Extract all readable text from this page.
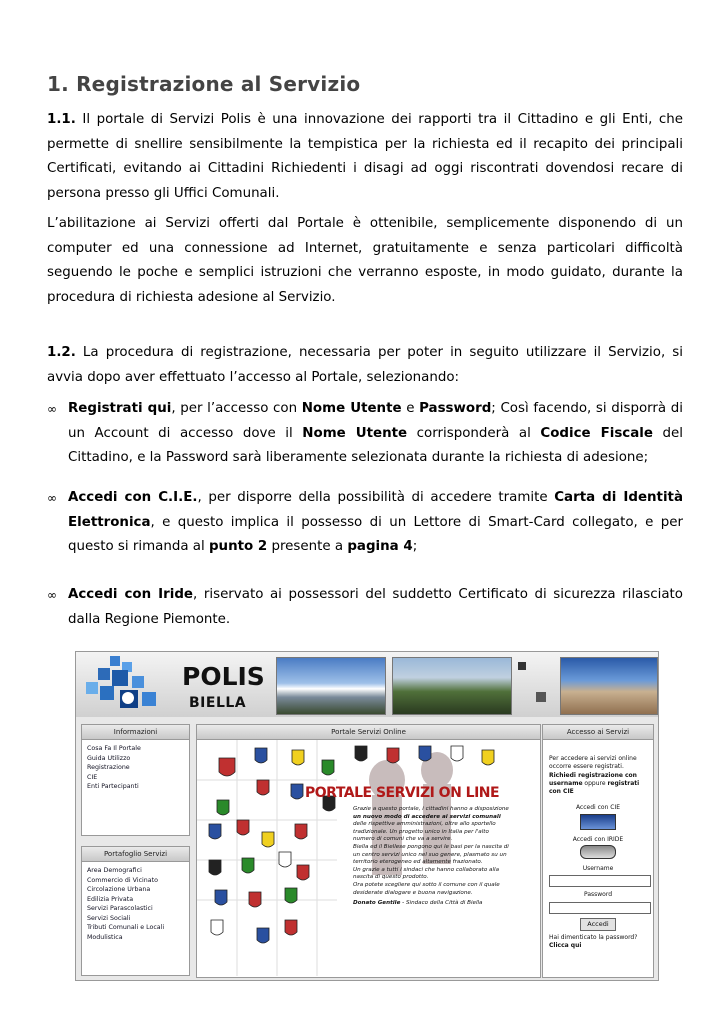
1. Registrazione al Servizio
1.1. Il portale di Servizi Polis è una innovazione dei rapporti tra il Cittadino e gli Enti, che
permette di snellire sensibilmente la tempistica per la richiesta ed il recapito dei principali
Certificati, evitando ai Cittadini Richiedenti i disagi ad oggi riscontrati dovendosi recare di
persona presso gli Uffici Comunali.
L’abilitazione ai Servizi offerti dal Portale è ottenibile, semplicemente disponendo di un
computer ed una connessione ad Internet, gratuitamente e senza particolari difficoltà
seguendo le poche e semplici istruzioni che verranno esposte, in modo guidato, durante la
procedura di richiesta adesione al Servizio.
1.2. La procedura di registrazione, necessaria per poter in seguito utilizzare il Servizio, si
avvia dopo aver effettuato l’accesso al Portale, selezionando:
∞ Registrati qui, per l’accesso con Nome Utente e Password; Così facendo, si disporrà di un Account di accesso dove il Nome Utente corrisponderà al Codice Fiscale del Cittadino, e la Password sarà liberamente selezionata durante la richiesta di adesione;
∞ Accedi con C.I.E., per disporre della possibilità di accedere tramite Carta di Identità Elettronica, e questo implica il possesso di un Lettore di Smart-Card collegato, e per questo si rimanda al punto 2 presente a pagina 4;
∞ Accedi con Iride, riservato ai possessori del suddetto Certificato di sicurezza rilasciato dalla Regione Piemonte.
POLIS
BIELLA
Informazioni
Cosa Fa Il Portale
Guida Utilizzo
Registrazione
CIE
Enti Partecipanti
Portafoglio Servizi
Area Demografici
Commercio di Vicinato
Circolazione Urbana
Edilizia Privata
Servizi Parascolastici
Servizi Sociali
Tributi Comunali e Locali
Modulistica
Portale Servizi Online
PORTALE SERVIZI ON LINE
Grazie a questo portale, i cittadini hanno a disposizione
un nuovo modo di accedere ai servizi comunali
delle rispettive amministrazioni, oltre allo sportello
tradizionale. Un progetto unico in Italia per l'alto
numero di comuni che va a servire.
Biella ed il Biellese pongono qui le basi per la nascita di
un centro servizi unico nel suo genere, plasmato su un
territorio eterogeneo ed altamente frazionato.
Un grazie a tutti i sindaci che hanno collaborato alla
nascita di questo prodotto.
Ora potete scegliere qui sotto il comune con il quale
desiderate dialogare e buona navigazione.
Donato Gentile - Sindaco della Città di Biella
Accesso ai Servizi
Per accedere ai servizi online occorre essere registrati.
Richiedi registrazione con username oppure registrati con CIE
Accedi con CIE
Accedi con IRIDE
Username
Password
Accedi
Hai dimenticato la password?
Clicca qui
